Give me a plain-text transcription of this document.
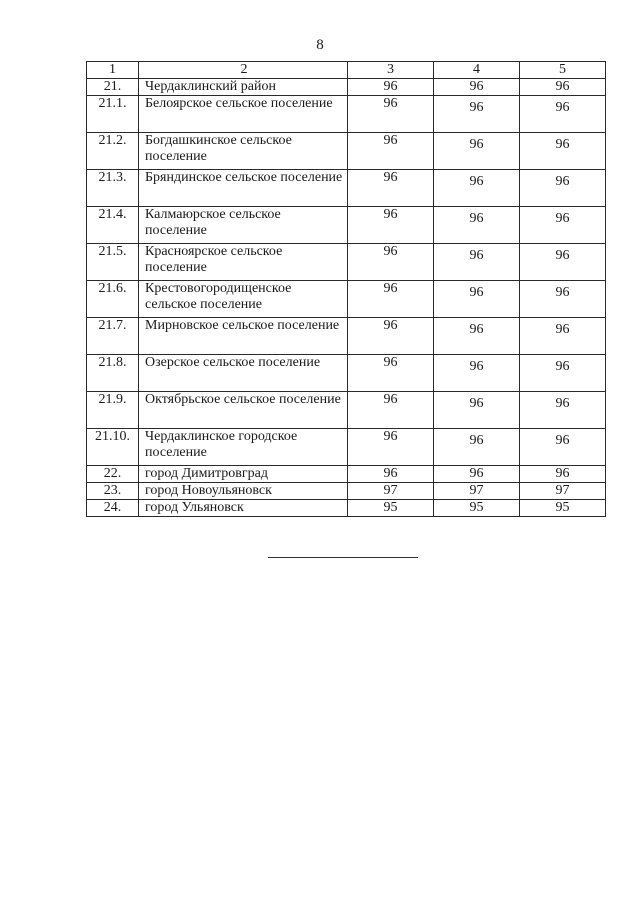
8
1	2	3	4	5
21.	Чердаклинский район	96	96	96
21.1.	Белоярское сельское поселение	96	96	96
21.2.	Богдашкинское сельское поселение	96	96	96
21.3.	Бряндинское сельское поселение	96	96	96
21.4.	Калмаюрское сельское поселение	96	96	96
21.5.	Красноярское сельское поселение	96	96	96
21.6.	Крестовогородищенское сельское поселение	96	96	96
21.7.	Мирновское сельское поселение	96	96	96
21.8.	Озерское сельское поселение	96	96	96
21.9.	Октябрьское сельское поселение	96	96	96
21.10.	Чердаклинское городское поселение	96	96	96
22.	город Димитровград	96	96	96
23.	город Новоульяновск	97	97	97
24.	город Ульяновск	95	95	95
